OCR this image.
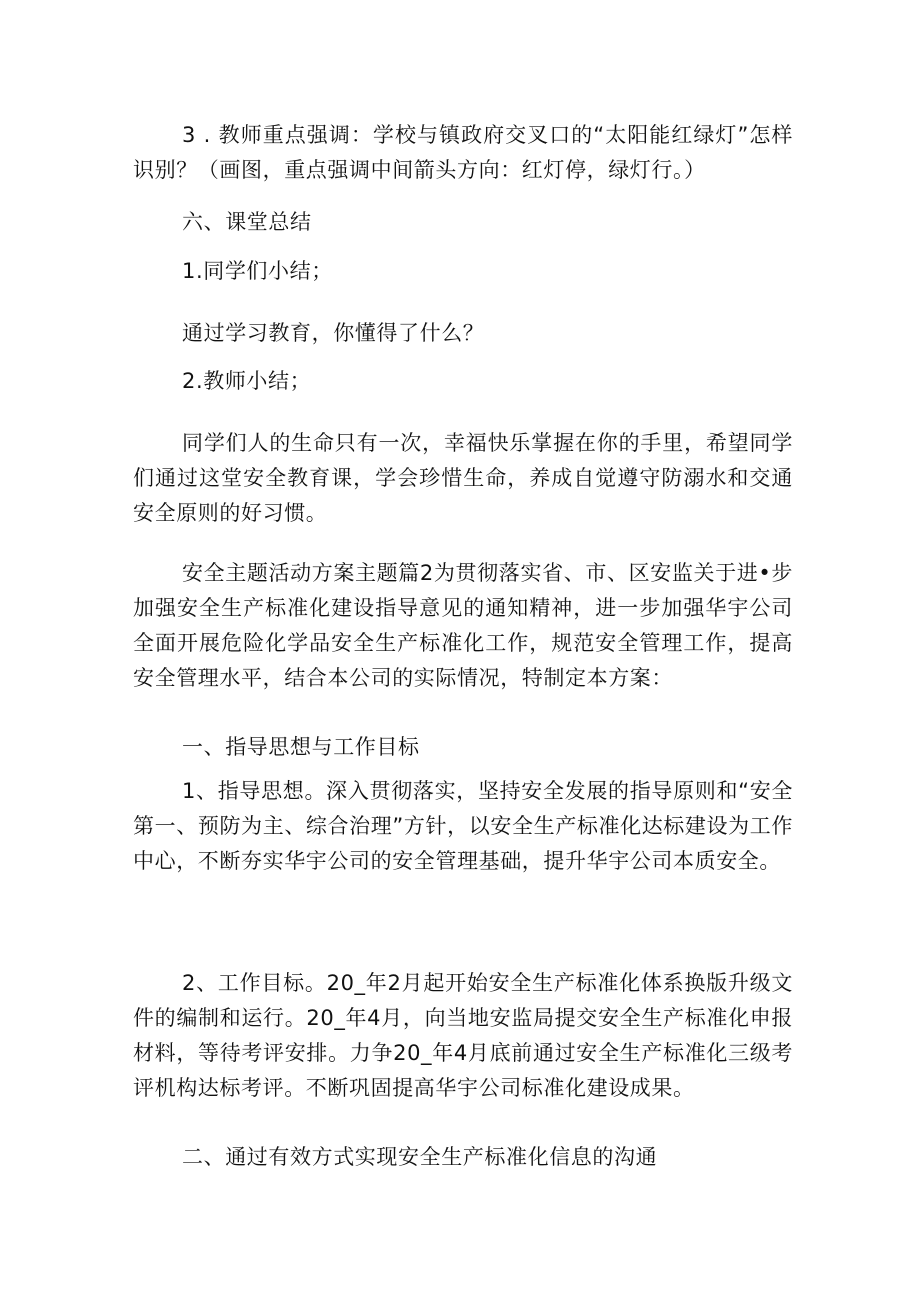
3 . 教师重点强调：学校与镇政府交叉口的“太阳能红绿灯”怎样识别？（画图，重点强调中间箭头方向：红灯停，绿灯行。）

六、课堂总结

1.同学们小结；

通过学习教育，你懂得了什么？

2.教师小结；

同学们人的生命只有一次，幸福快乐掌握在你的手里，希望同学们通过这堂安全教育课，学会珍惜生命，养成自觉遵守防溺水和交通安全原则的好习惯。

安全主题活动方案主题篇2为贯彻落实省、市、区安监关于进•步加强安全生产标准化建设指导意见的通知精神，进一步加强华宇公司全面开展危险化学品安全生产标准化工作，规范安全管理工作，提高安全管理水平，结合本公司的实际情况，特制定本方案：

一、指导思想与工作目标

1、指导思想。深入贯彻落实，坚持安全发展的指导原则和“安全第一、预防为主、综合治理”方针，以安全生产标准化达标建设为工作中心，不断夯实华宇公司的安全管理基础，提升华宇公司本质安全。

2、工作目标。20_年2月起开始安全生产标准化体系换版升级文件的编制和运行。20_年4月，向当地安监局提交安全生产标准化申报材料，等待考评安排。力争20_年4月底前通过安全生产标准化三级考评机构达标考评。不断巩固提高华宇公司标准化建设成果。

二、通过有效方式实现安全生产标准化信息的沟通
